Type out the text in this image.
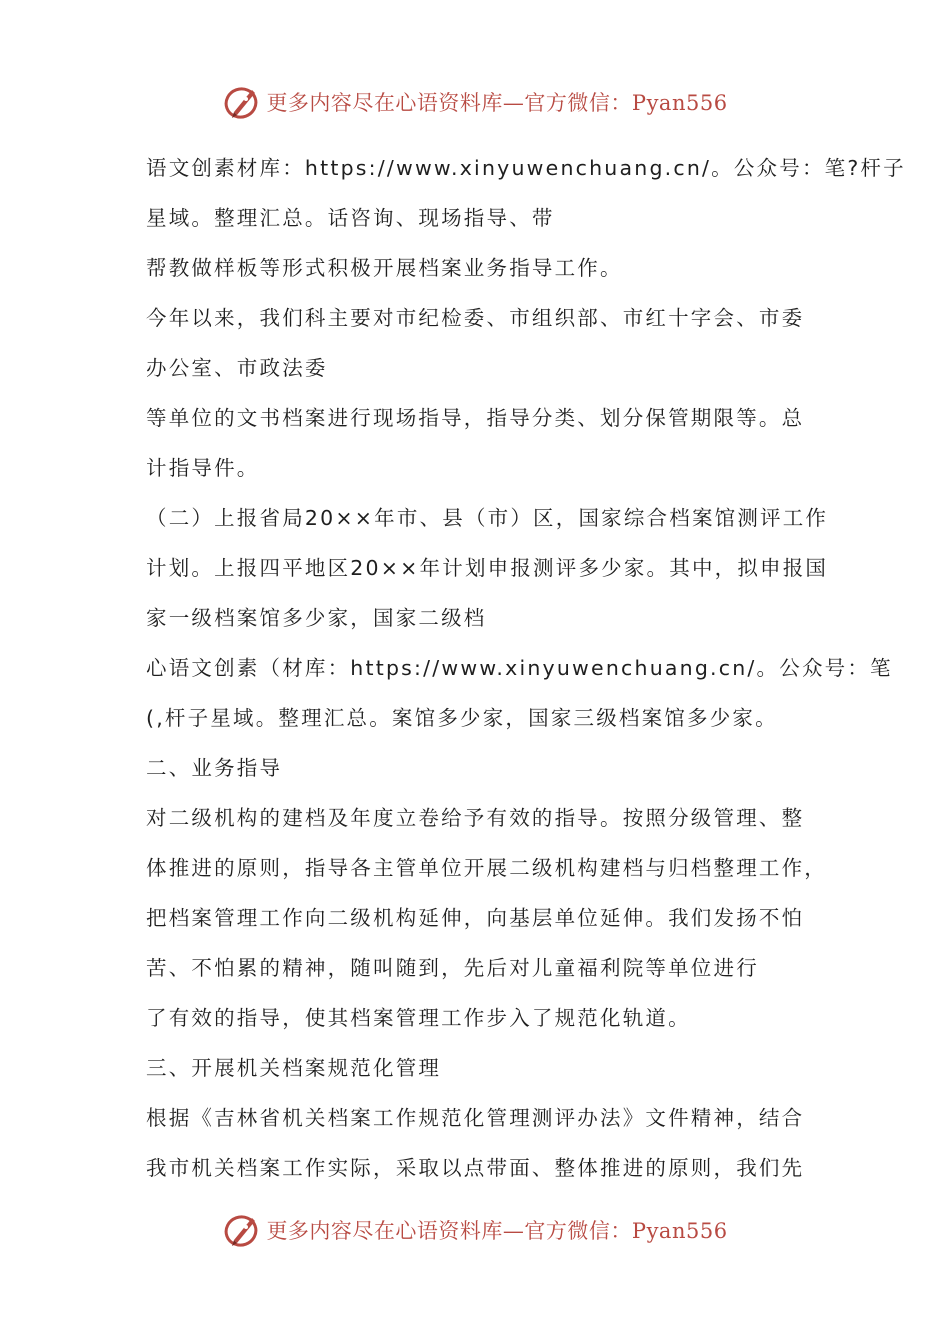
更多内容尽在心语资料库—官方微信：Pyan556
语文创素材库：https://www.xinyuwenchuang.cn/。公众号：笔?杆子
星域。整理汇总。话咨询、现场指导、带
帮教做样板等形式积极开展档案业务指导工作。
今年以来，我们科主要对市纪检委、市组织部、市红十字会、市委
办公室、市政法委
等单位的文书档案进行现场指导，指导分类、划分保管期限等。总
计指导件。
（二）上报省局20××年市、县（市）区，国家综合档案馆测评工作
计划。上报四平地区20××年计划申报测评多少家。其中，拟申报国
家一级档案馆多少家，国家二级档
心语文创素（材库：https://www.xinyuwenchuang.cn/。公众号：笔
(,杆子星域。整理汇总。案馆多少家，国家三级档案馆多少家。
二、业务指导
对二级机构的建档及年度立卷给予有效的指导。按照分级管理、整
体推进的原则，指导各主管单位开展二级机构建档与归档整理工作，
把档案管理工作向二级机构延伸，向基层单位延伸。我们发扬不怕
苦、不怕累的精神，随叫随到，先后对儿童福利院等单位进行
了有效的指导，使其档案管理工作步入了规范化轨道。
三、开展机关档案规范化管理
根据《吉林省机关档案工作规范化管理测评办法》文件精神，结合
我市机关档案工作实际，采取以点带面、整体推进的原则，我们先
更多内容尽在心语资料库—官方微信：Pyan556
